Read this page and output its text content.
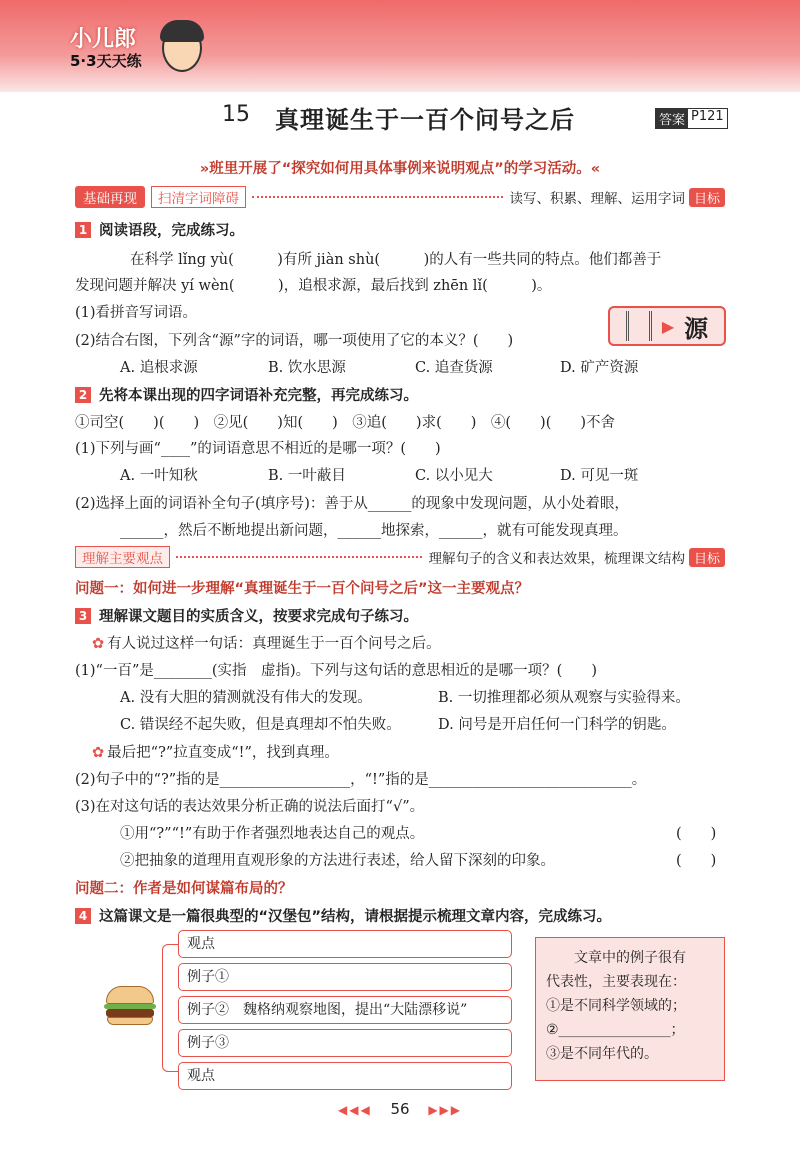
小儿郎
5·3天天练
15 真理诞生于一百个问号之后	答案 P121
»班里开展了“探究如何用具体事例来说明观点”的学习活动。«
基础再现	扫清字词障碍	读写、积累、理解、运用字词 目标
1 阅读语段，完成练习。
在科学 lǐng yù(　　　)有所 jiàn shù(　　　)的人有一些共同的特点。他们都善于
发现问题并解决 yí wèn(　　　)，追根求源，最后找到 zhēn lǐ(　　　)。
(1)看拼音写词语。
(2)结合右图，下列含“源”字的词语，哪一项使用了它的本义？(　　)
▶ 源
A. 追根求源	B. 饮水思源	C. 追查货源	D. 矿产资源
2 先将本课出现的四字词语补充完整，再完成练习。
①司空(　　)(　　)　②见(　　)知(　　)　③追(　　)求(　　)　④(　　)(　　)不舍
(1)下列与画“____”的词语意思不相近的是哪一项？(　　)
A. 一叶知秋	B. 一叶蔽目	C. 以小见大	D. 可见一斑
(2)选择上面的词语补全句子(填序号)：善于从______的现象中发现问题，从小处着眼，
______，然后不断地提出新问题，______地探索，______，就有可能发现真理。
理解主要观点	理解句子的含义和表达效果，梳理课文结构 目标
问题一：如何进一步理解“真理诞生于一百个问号之后”这一主要观点？
3 理解课文题目的实质含义，按要求完成句子练习。
✿ 有人说过这样一句话：真理诞生于一百个问号之后。
(1)“一百”是________(实指　虚指)。下列与这句话的意思相近的是哪一项？(　　)
A. 没有大胆的猜测就没有伟大的发现。	B. 一切推理都必须从观察与实验得来。
C. 错误经不起失败，但是真理却不怕失败。	D. 问号是开启任何一门科学的钥匙。
✿ 最后把“?”拉直变成“!”，找到真理。
(2)句子中的“?”指的是__________________，“!”指的是____________________________。
(3)在对这句话的表达效果分析正确的说法后面打“√”。
①用“?”“!”有助于作者强烈地表达自己的观点。	(　　)
②把抽象的道理用直观形象的方法进行表述，给人留下深刻的印象。	(　　)
问题二：作者是如何谋篇布局的？
4 这篇课文是一篇很典型的“汉堡包”结构，请根据提示梳理文章内容，完成练习。
观点
例子①
例子②　魏格纳观察地图，提出“大陆漂移说”
例子③
观点
文章中的例子很有
代表性，主要表现在：
①是不同科学领域的；
②________________；
③是不同年代的。
◀◀◀ 56 ▶▶▶
